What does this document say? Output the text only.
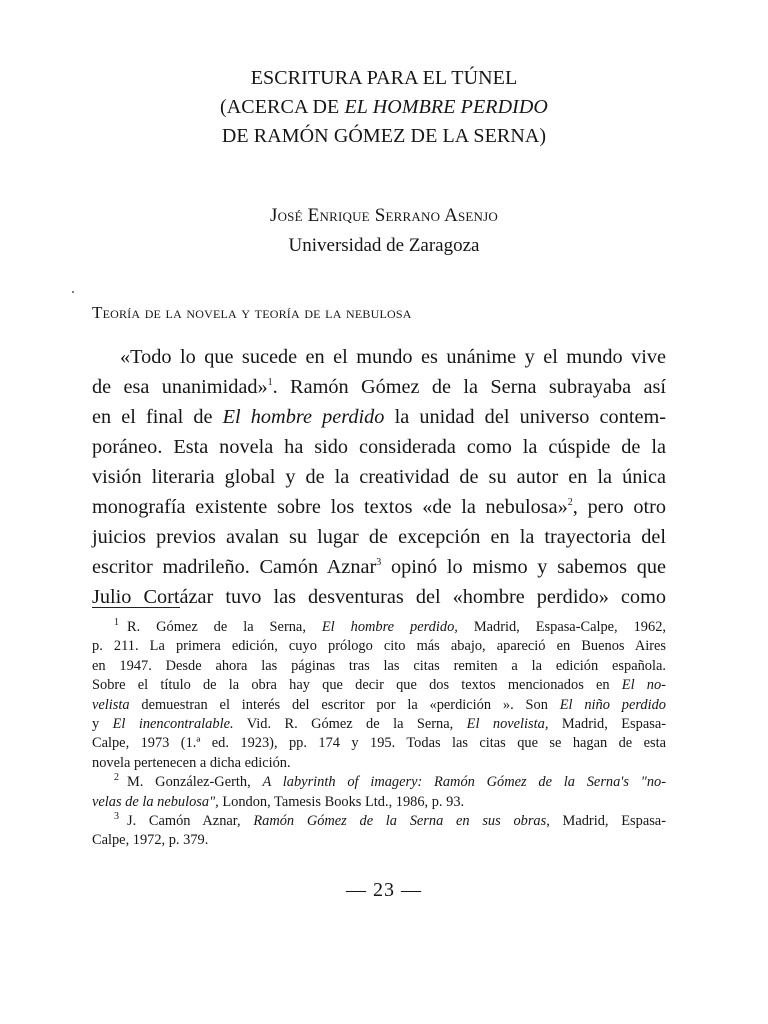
ESCRITURA PARA EL TÚNEL
(ACERCA DE EL HOMBRE PERDIDO
DE RAMÓN GÓMEZ DE LA SERNA)
José Enrique Serrano Asenjo
Universidad de Zaragoza
Teoría de la novela y teoría de la nebulosa
«Todo lo que sucede en el mundo es unánime y el mundo vive
de esa unanimidad»$^1$. Ramón Gómez de la Serna subrayaba así
en el final de El hombre perdido la unidad del universo contem-
poráneo. Esta novela ha sido considerada como la cúspide de la
visión literaria global y de la creatividad de su autor en la única
monografía existente sobre los textos «de la nebulosa»$^2$, pero otro
juicios previos avalan su lugar de excepción en la trayectoria del
escritor madrileño. Camón Aznar$^3$ opinó lo mismo y sabemos que
Julio Cortázar tuvo las desventuras del «hombre perdido» como
$^1$ R. Gómez de la Serna, El hombre perdido, Madrid, Espasa-Calpe, 1962,
p. 211. La primera edición, cuyo prólogo cito más abajo, apareció en Buenos Aires
en 1947. Desde ahora las páginas tras las citas remiten a la edición española.
Sobre el título de la obra hay que decir que dos textos mencionados en El no-
velista demuestran el interés del escritor por la «perdición ». Son El niño perdido
y El inencontralable. Vid. R. Gómez de la Serna, El novelista, Madrid, Espasa-
Calpe, 1973 (1.ª ed. 1923), pp. 174 y 195. Todas las citas que se hagan de esta
novela pertenecen a dicha edición.
$^2$ M. González-Gerth, A labyrinth of imagery: Ramón Gómez de la Serna's "no-
velas de la nebulosa", London, Tamesis Books Ltd., 1986, p. 93.
$^3$ J. Camón Aznar, Ramón Gómez de la Serna en sus obras, Madrid, Espasa-
Calpe, 1972, p. 379.
— 23 —
